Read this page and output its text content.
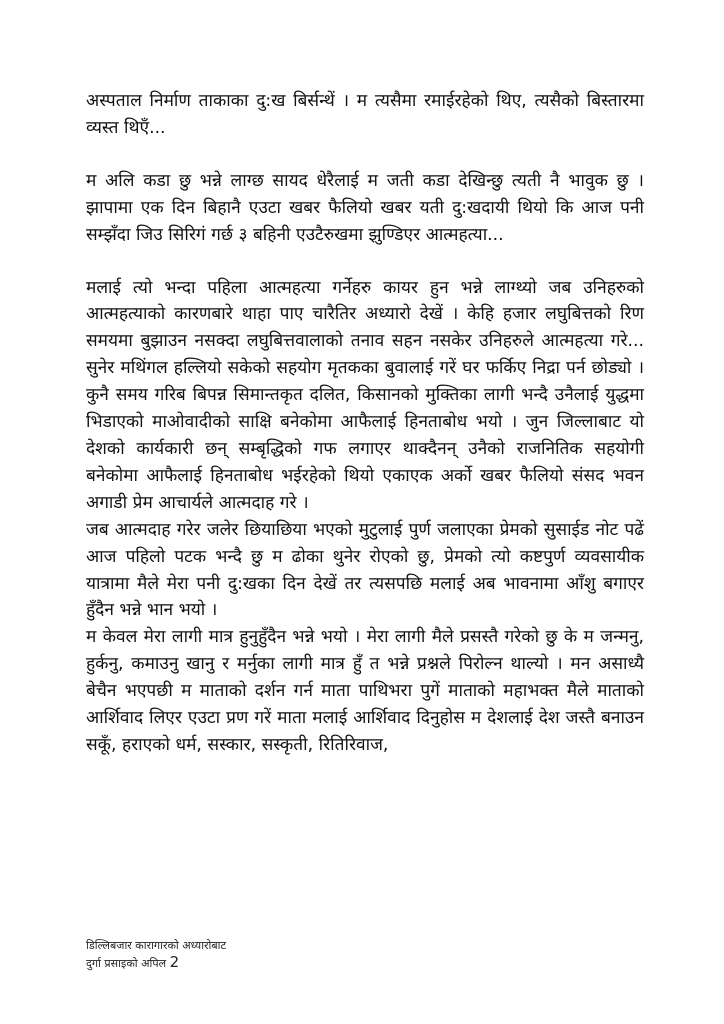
अस्पताल निर्माण ताकाका दु:ख बिर्सन्थें । म त्यसैमा रमाईरहेको थिए, त्यसैको बिस्तारमा व्यस्त थिएँ...

म अलि कडा छु भन्ने लाग्छ सायद धेरैलाई म जती कडा देखिन्छु त्यती नै भावुक छु । झापामा एक दिन बिहानै एउटा खबर फैलियो खबर यती दु:खदायी थियो कि आज पनी सम्झँदा जिउ सिरिगं गर्छ ३ बहिनी एउटैरुखमा झुण्डिएर आत्महत्या...

मलाई त्यो भन्दा पहिला आत्महत्या गर्नेहरु कायर हुन भन्ने लाग्थ्यो जब उनिहरुको आत्महत्याको कारणबारे थाहा पाए चारैतिर अध्यारो देखें । केहि हजार लघुबित्तको रिण समयमा बुझाउन नसक्दा लघुबित्तवालाको तनाव सहन नसकेर उनिहरुले आत्महत्या गरे... सुनेर मथिंगल हल्लियो सकेको सहयोग मृतकका बुवालाई गरें घर फर्किए निद्रा पर्न छोड्यो । कुनै समय गरिब बिपन्न सिमान्तकृत दलित, किसानको मुक्तिका लागी भन्दै उनैलाई युद्धमा भिडाएको माओवादीको साक्षि बनेकोमा आफैलाई हिनताबोध भयो । जुन जिल्लाबाट यो देशको कार्यकारी छन् सम्बृद्धिको गफ लगाएर थाक्दैनन् उनैको राजनितिक सहयोगी बनेकोमा आफैलाई हिनताबोध भईरहेको थियो एकाएक अर्को खबर फैलियो संसद भवन अगाडी प्रेम आचार्यले आत्मदाह गरे ।

जब आत्मदाह गरेर जलेर छियाछिया भएको मुटुलाई पुर्ण जलाएका प्रेमको सुसाईड नोट पढें आज पहिलो पटक भन्दै छु म ढोका थुनेर रोएको छु, प्रेमको त्यो कष्टपुर्ण व्यवसायीक यात्रामा मैले मेरा पनी दु:खका दिन देखें तर त्यसपछि मलाई अब भावनामा आँशु बगाएर हुँदैन भन्ने भान भयो ।

म केवल मेरा लागी मात्र हुनुहुँदैन भन्ने भयो । मेरा लागी मैले प्रसस्तै गरेको छु के म जन्मनु, हुर्कनु, कमाउनु खानु र मर्नुका लागी मात्र हुँ त भन्ने प्रश्नले पिरोल्न थाल्यो । मन असाध्यै बेचैन भएपछी म माताको दर्शन गर्न माता पाथिभरा पुगें माताको महाभक्त मैले माताको आर्शिवाद लिएर एउटा प्रण गरें माता मलाई आर्शिवाद दिनुहोस म देशलाई देश जस्तै बनाउन सकूँ, हराएको धर्म, सस्कार, सस्कृती, रितिरिवाज,

डिल्लिबजार कारागारको अध्यारोबाट
दुर्गा प्रसाइको अपिल 2
